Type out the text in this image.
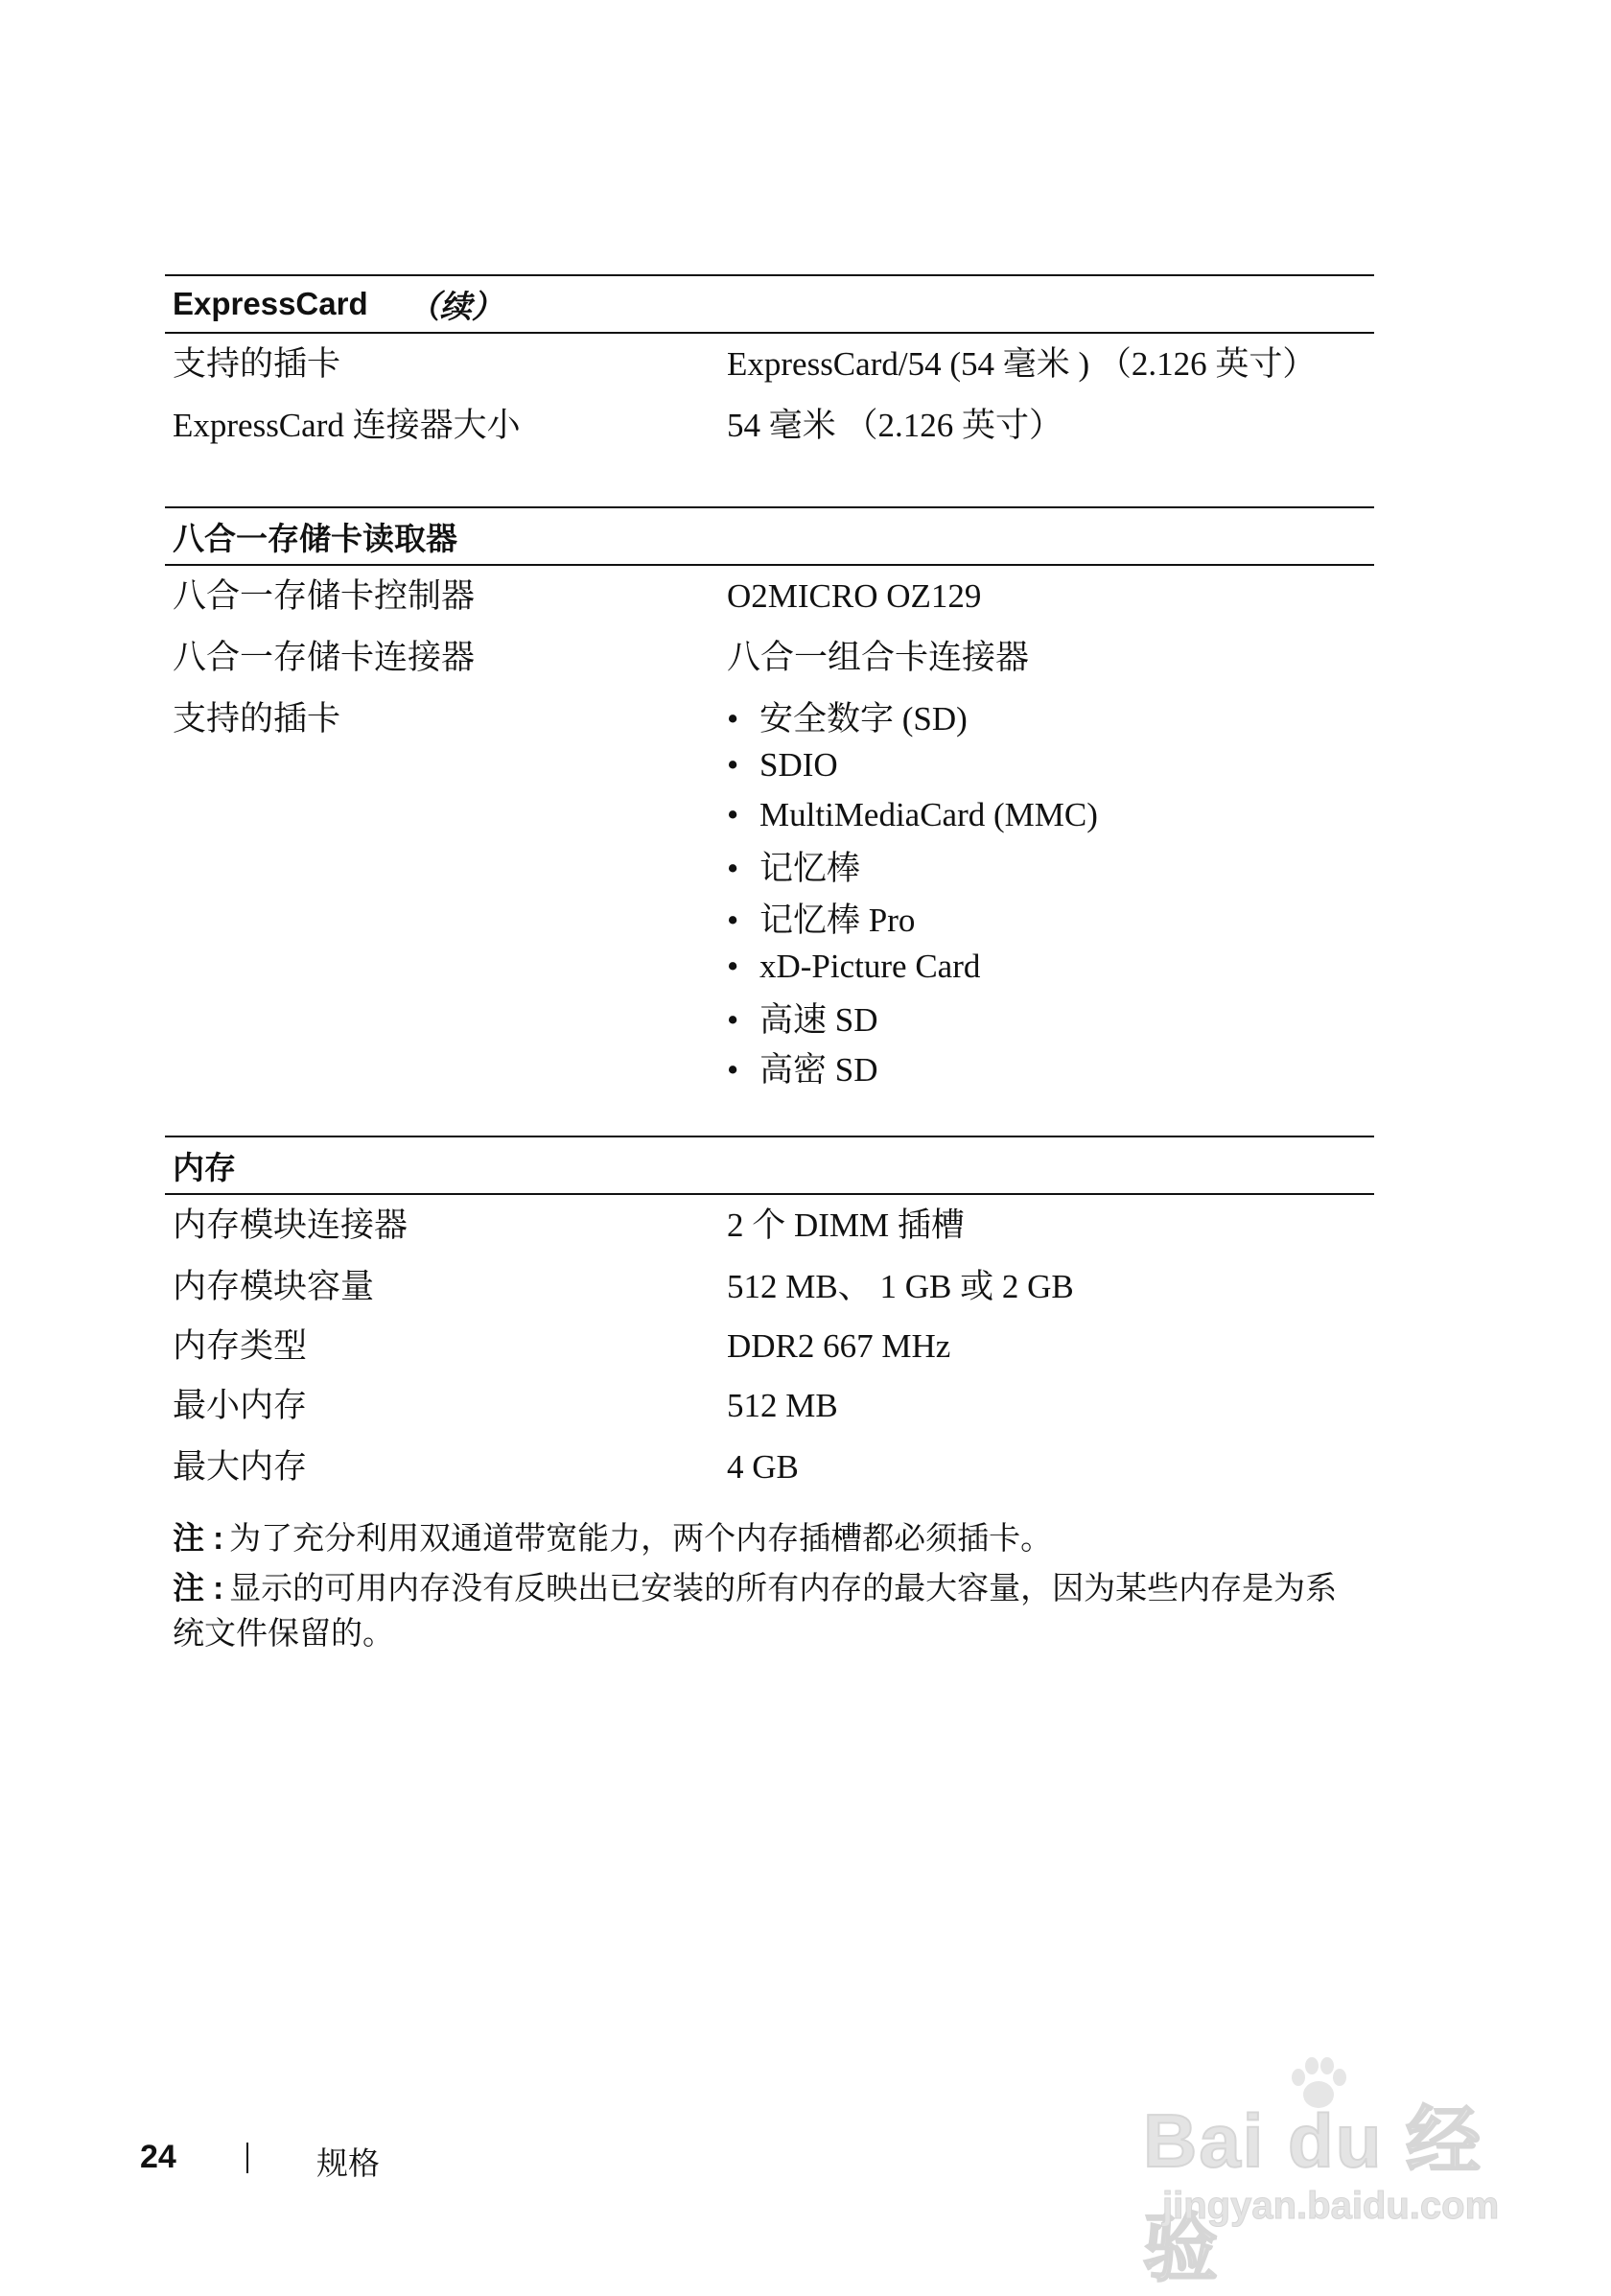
ExpressCard （续）
支持的插卡	ExpressCard/54 (54 毫米 ) （2.126 英寸）
ExpressCard 连接器大小	54 毫米 （2.126 英寸）
八合一存储卡读取器
八合一存储卡控制器	O2MICRO OZ129
八合一存储卡连接器	八合一组合卡连接器
支持的插卡	• 安全数字 (SD)
• SDIO
• MultiMediaCard (MMC)
• 记忆棒
• 记忆棒 Pro
• xD-Picture Card
• 高速 SD
• 高密 SD
内存
内存模块连接器	2 个 DIMM 插槽
内存模块容量	512 MB、 1 GB 或 2 GB
内存类型	DDR2 667 MHz
最小内存	512 MB
最大内存	4 GB
注 : 为了充分利用双通道带宽能力，两个内存插槽都必须插卡。
注 : 显示的可用内存没有反映出已安装的所有内存的最大容量，因为某些内存是为系统文件保留的。
24	规格	Bai du 经验
jingyan.baidu.com
